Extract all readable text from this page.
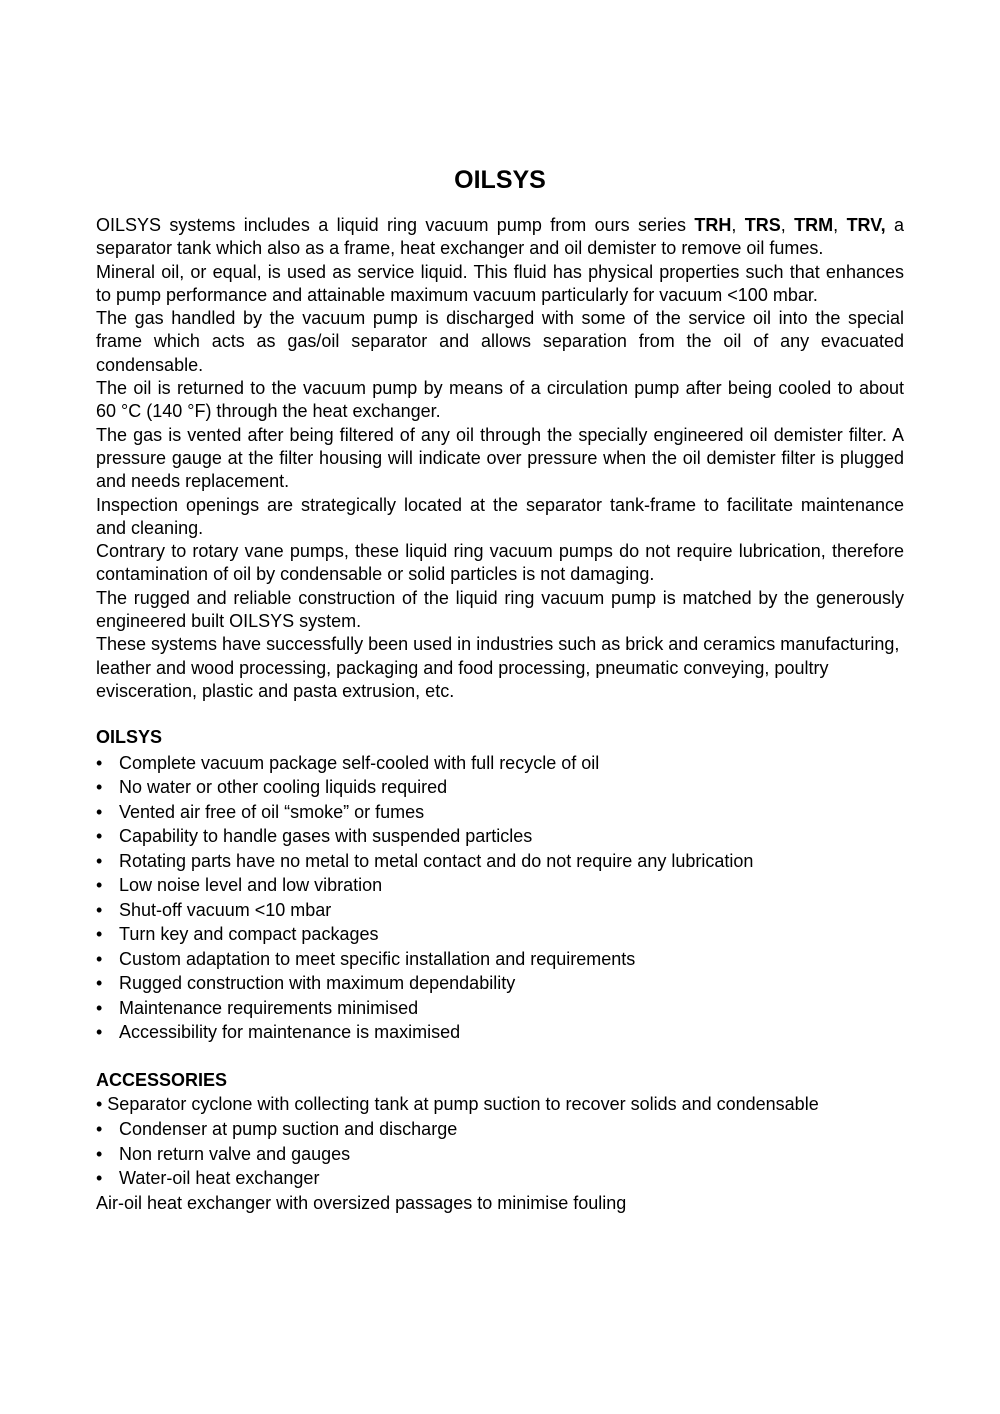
OILSYS

OILSYS systems includes a liquid ring vacuum pump from ours series TRH, TRS, TRM, TRV, a separator tank which also as a frame, heat exchanger and oil demister to remove oil fumes.

Mineral oil, or equal, is used as service liquid. This fluid has physical properties such that enhances to pump performance and attainable maximum vacuum particularly for vacuum <100 mbar.

The gas handled by the vacuum pump is discharged with some of the service oil into the special frame which acts as gas/oil separator and allows separation from the oil of any evacuated condensable.

The oil is returned to the vacuum pump by means of a circulation pump after being cooled to about 60 °C (140 °F) through the heat exchanger.

The gas is vented after being filtered of any oil through the specially engineered oil demister filter. A pressure gauge at the filter housing will indicate over pressure when the oil demister filter is plugged and needs replacement.

Inspection openings are strategically located at the separator tank-frame to facilitate maintenance and cleaning.

Contrary to rotary vane pumps, these liquid ring vacuum pumps do not require lubrication, therefore contamination of oil by condensable or solid particles is not damaging.

The rugged and reliable construction of the liquid ring vacuum pump is matched by the generously engineered built OILSYS system.

These systems have successfully been used in industries such as brick and ceramics manufacturing, leather and wood processing, packaging and food processing, pneumatic conveying, poultry evisceration, plastic and pasta extrusion, etc.

OILSYS
• Complete vacuum package self-cooled with full recycle of oil
• No water or other cooling liquids required
• Vented air free of oil “smoke” or fumes
• Capability to handle gases with suspended particles
• Rotating parts have no metal to metal contact and do not require any lubrication
• Low noise level and low vibration
• Shut-off vacuum <10 mbar
• Turn key and compact packages
• Custom adaptation to meet specific installation and requirements
• Rugged construction with maximum dependability
• Maintenance requirements minimised
• Accessibility for maintenance is maximised
ACCESSORIES

• Separator cyclone with collecting tank at pump suction to recover solids and condensable

• Condenser at pump suction and discharge
• Non return valve and gauges
• Water-oil heat exchanger

Air-oil heat exchanger with oversized passages to minimise fouling
